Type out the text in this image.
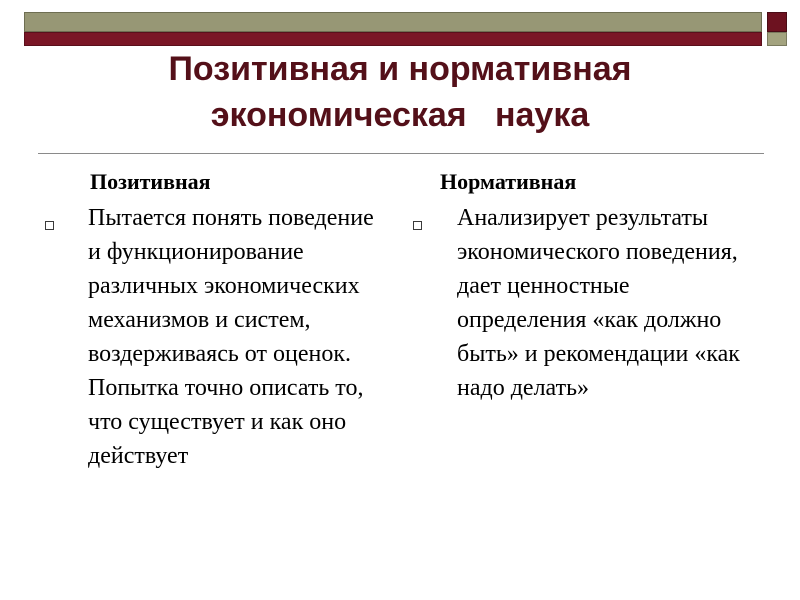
Позитивная и нормативная
экономическая   наука
Позитивная

Пытается понять поведение и функционирование различных экономических механизмов и систем, воздерживаясь от оценок. Попытка точно описать то, что существует и как оно действует

Нормативная

Анализирует результаты экономического поведения, дает ценностные определения «как должно быть» и рекомендации «как надо делать»
